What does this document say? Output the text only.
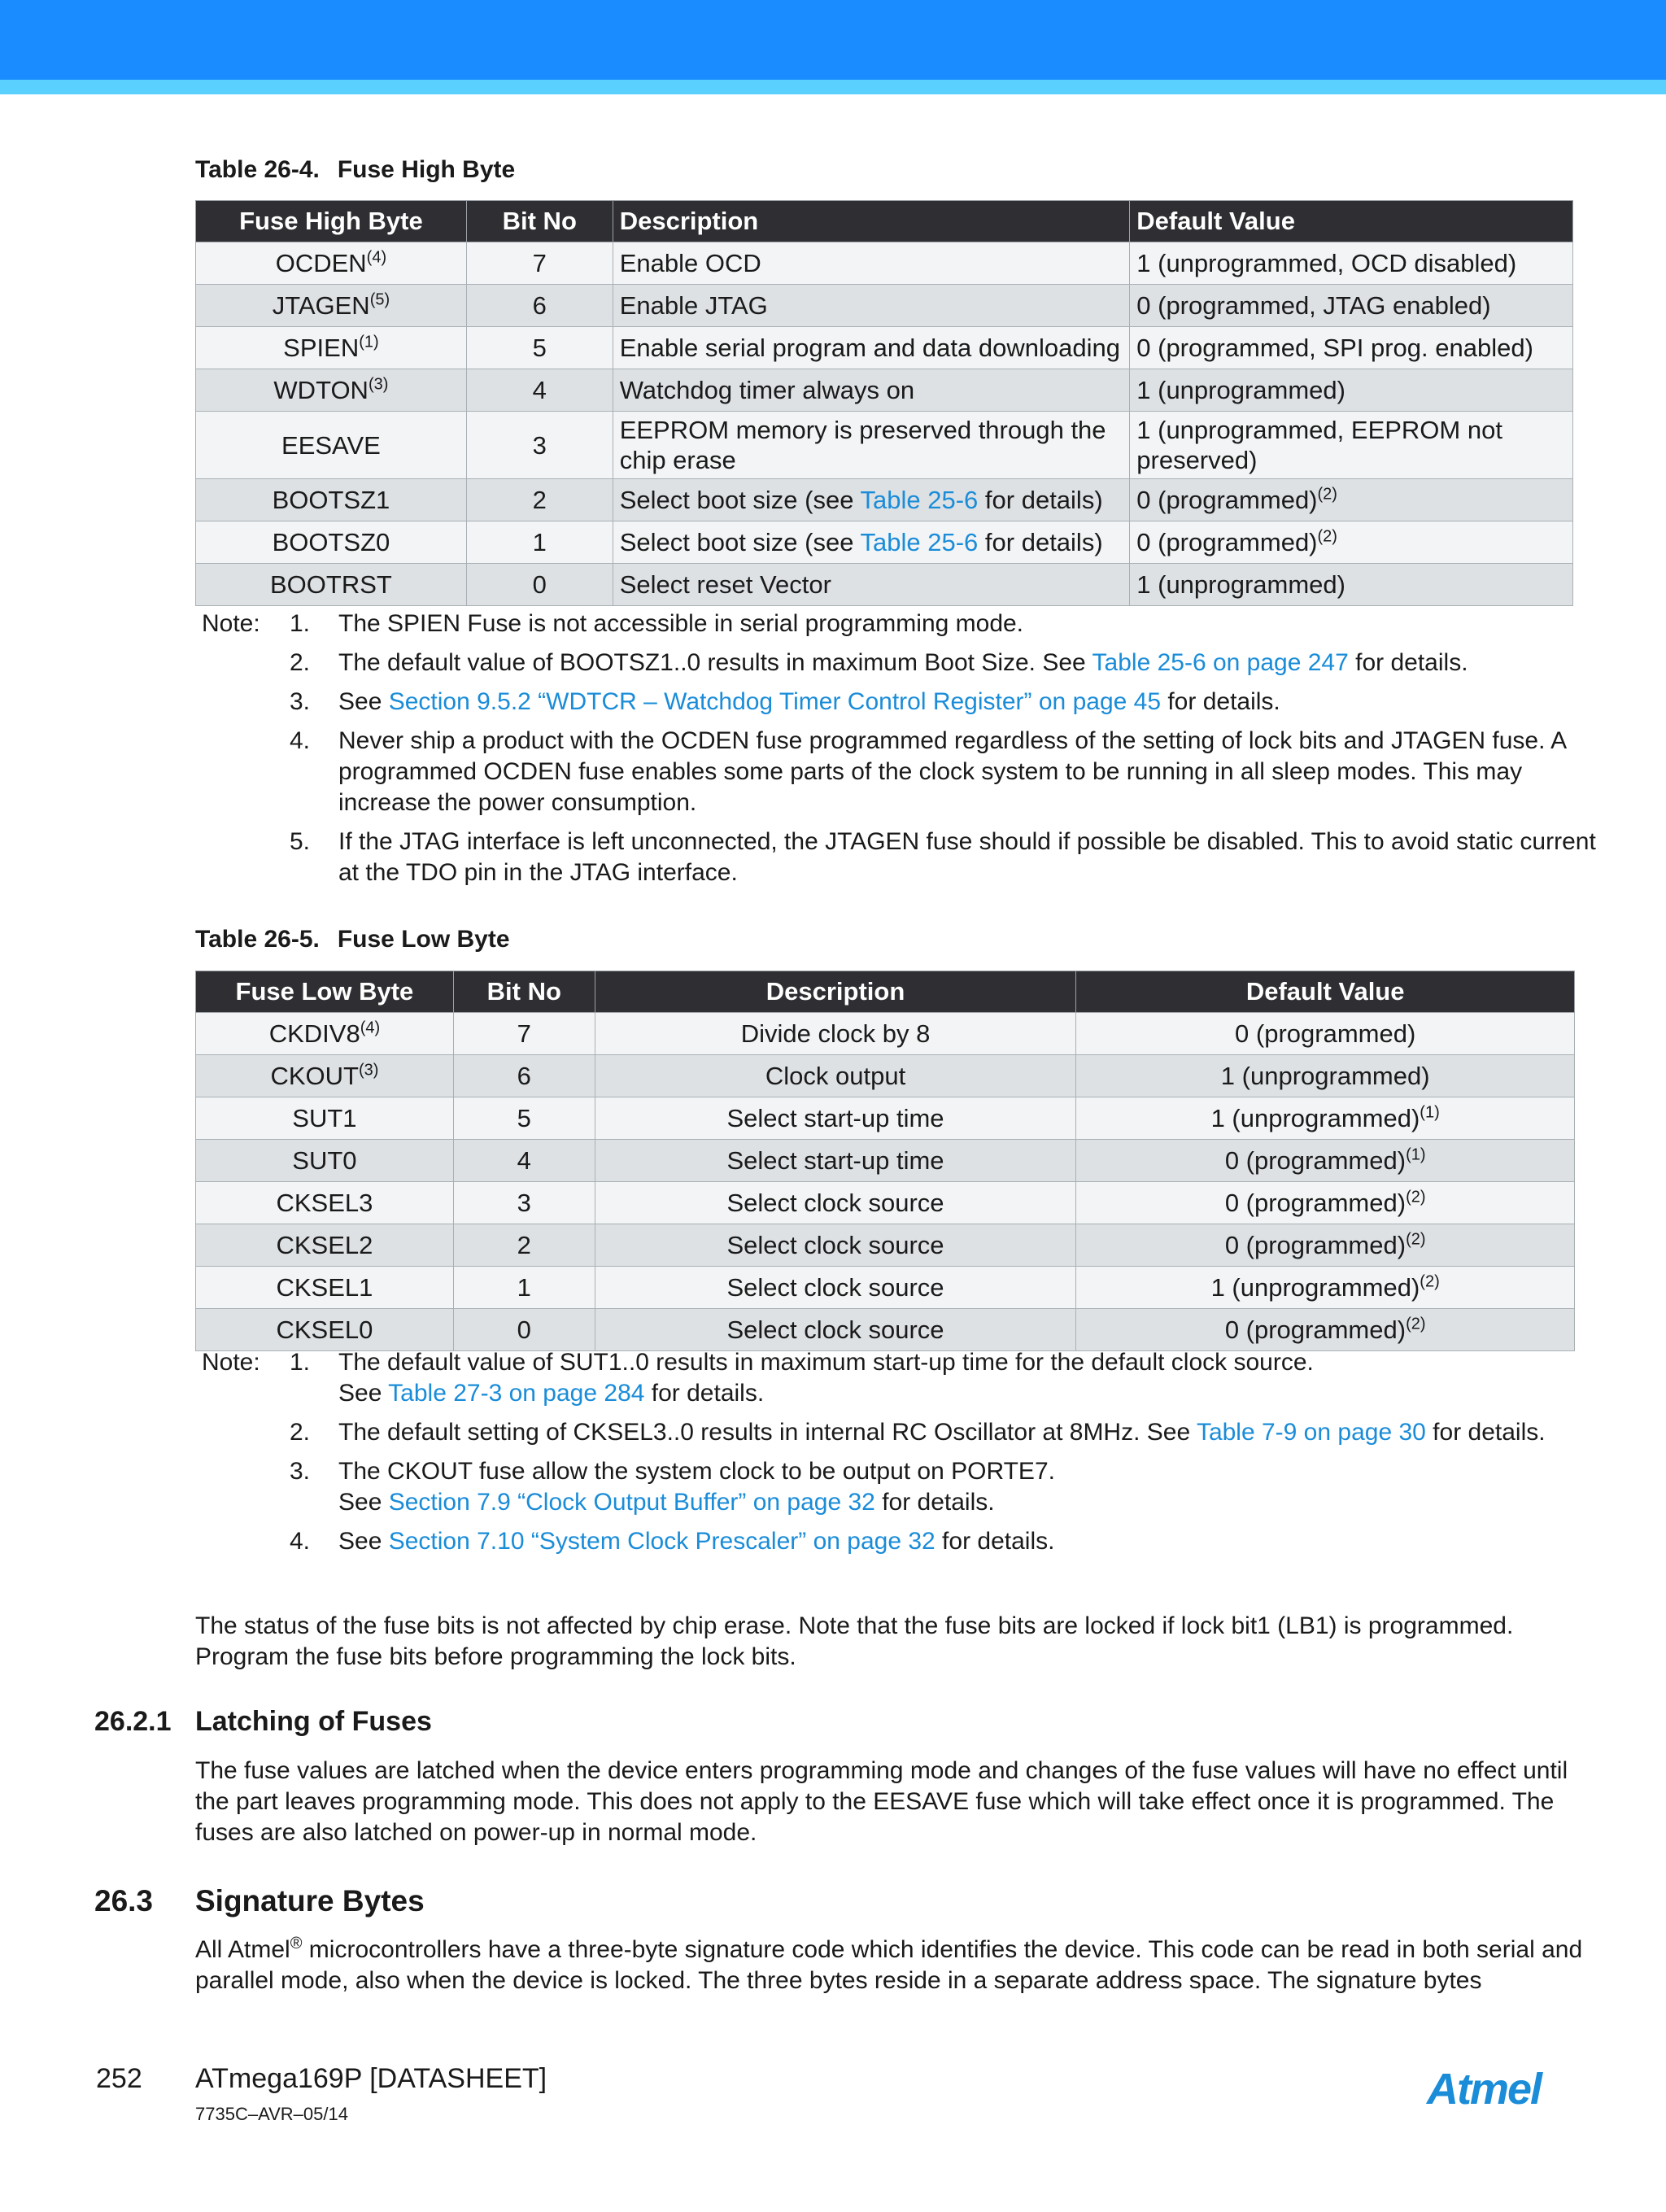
Table 26-4. Fuse High Byte
Fuse High Byte	Bit No	Description	Default Value
OCDEN$^{(4)}$	7	Enable OCD	1 (unprogrammed, OCD disabled)
JTAGEN$^{(5)}$	6	Enable JTAG	0 (programmed, JTAG enabled)
SPIEN$^{(1)}$	5	Enable serial program and data downloading	0 (programmed, SPI prog. enabled)
WDTON$^{(3)}$	4	Watchdog timer always on	1 (unprogrammed)
EESAVE	3	EEPROM memory is preserved through the chip erase	1 (unprogrammed, EEPROM not preserved)
BOOTSZ1	2	Select boot size (see Table 25-6 for details)	0 (programmed)$^{(2)}$
BOOTSZ0	1	Select boot size (see Table 25-6 for details)	0 (programmed)$^{(2)}$
BOOTRST	0	Select reset Vector	1 (unprogrammed)
Note:	1.	The SPIEN Fuse is not accessible in serial programming mode.
2.	The default value of BOOTSZ1..0 results in maximum Boot Size. See Table 25-6 on page 247 for details.
3.	See Section 9.5.2 “WDTCR – Watchdog Timer Control Register” on page 45 for details.
4.	Never ship a product with the OCDEN fuse programmed regardless of the setting of lock bits and JTAGEN fuse. A programmed OCDEN fuse enables some parts of the clock system to be running in all sleep modes. This may increase the power consumption.
5.	If the JTAG interface is left unconnected, the JTAGEN fuse should if possible be disabled. This to avoid static current at the TDO pin in the JTAG interface.
Table 26-5. Fuse Low Byte
Fuse Low Byte	Bit No	Description	Default Value
CKDIV8$^{(4)}$	7	Divide clock by 8	0 (programmed)
CKOUT$^{(3)}$	6	Clock output	1 (unprogrammed)
SUT1	5	Select start-up time	1 (unprogrammed)$^{(1)}$
SUT0	4	Select start-up time	0 (programmed)$^{(1)}$
CKSEL3	3	Select clock source	0 (programmed)$^{(2)}$
CKSEL2	2	Select clock source	0 (programmed)$^{(2)}$
CKSEL1	1	Select clock source	1 (unprogrammed)$^{(2)}$
CKSEL0	0	Select clock source	0 (programmed)$^{(2)}$
Note:	1.	The default value of SUT1..0 results in maximum start-up time for the default clock source.
See Table 27-3 on page 284 for details.
2.	The default setting of CKSEL3..0 results in internal RC Oscillator at 8MHz. See Table 7-9 on page 30 for details.
3.	The CKOUT fuse allow the system clock to be output on PORTE7.
See Section 7.9 “Clock Output Buffer” on page 32 for details.
4.	See Section 7.10 “System Clock Prescaler” on page 32 for details.
The status of the fuse bits is not affected by chip erase. Note that the fuse bits are locked if lock bit1 (LB1) is programmed. Program the fuse bits before programming the lock bits.
26.2.1 Latching of Fuses
The fuse values are latched when the device enters programming mode and changes of the fuse values will have no effect until the part leaves programming mode. This does not apply to the EESAVE fuse which will take effect once it is programmed. The fuses are also latched on power-up in normal mode.
26.3 Signature Bytes
All Atmel® microcontrollers have a three-byte signature code which identifies the device. This code can be read in both serial and parallel mode, also when the device is locked. The three bytes reside in a separate address space. The signature bytes
252 ATmega169P [DATASHEET]
7735C–AVR–05/14
Atmel
